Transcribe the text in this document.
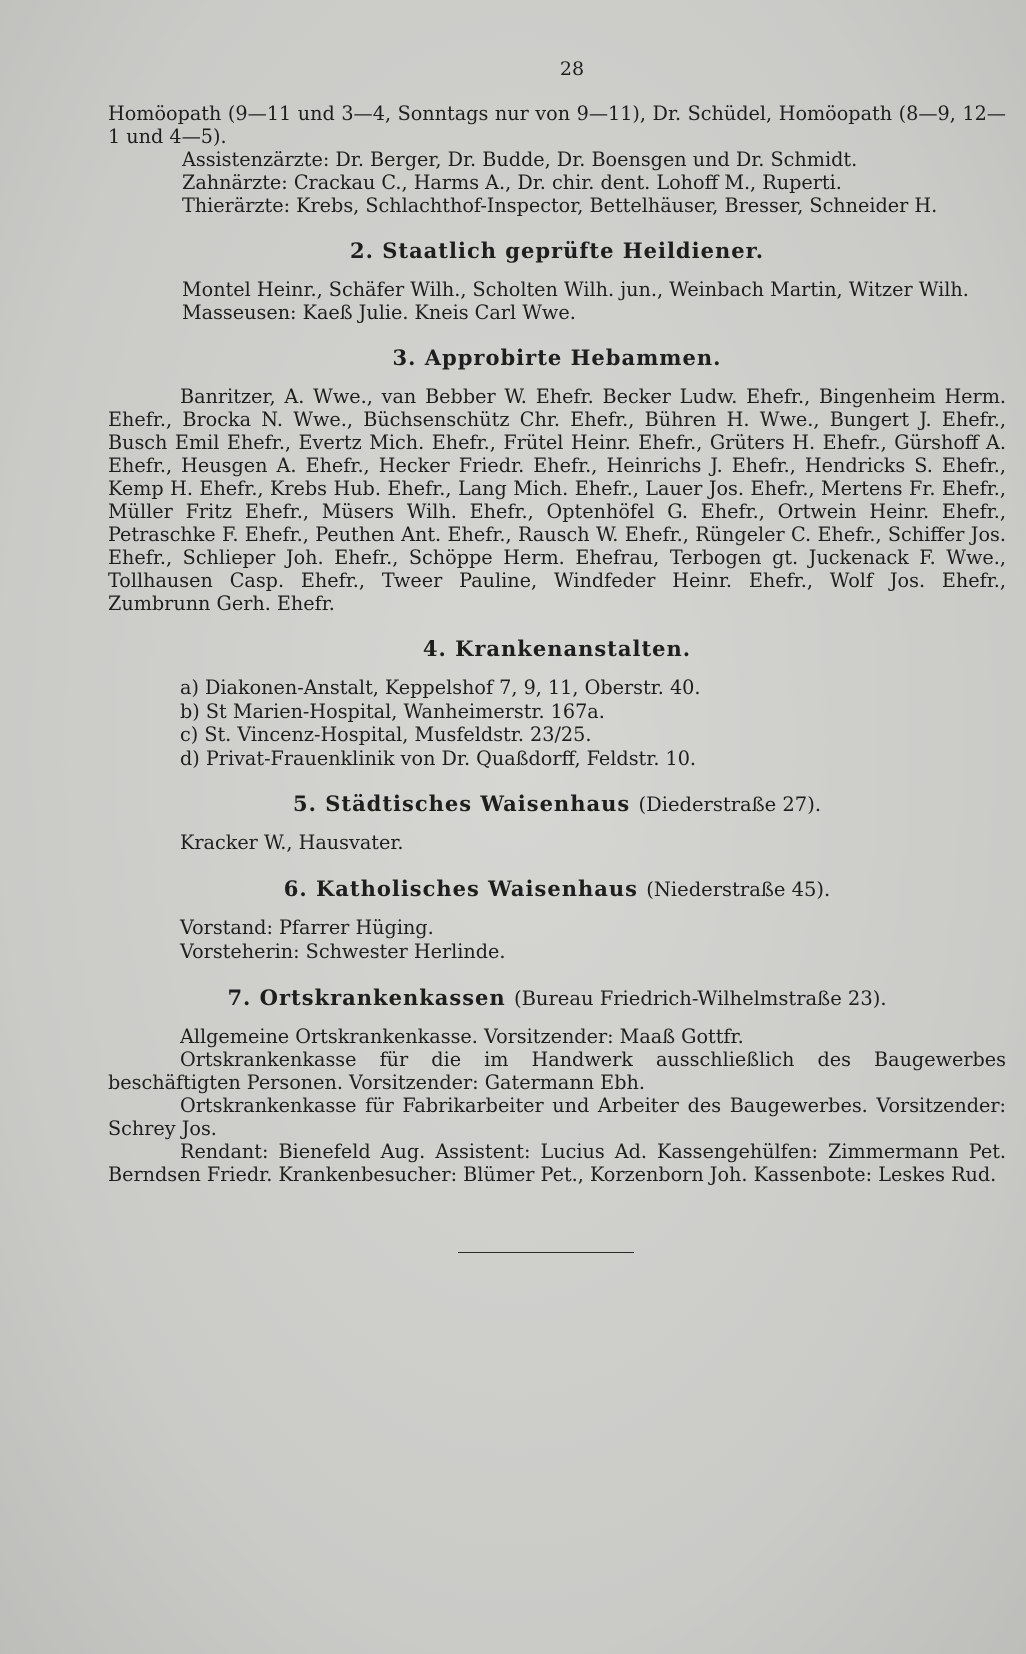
28

Homöopath (9—11 und 3—4, Sonntags nur von 9—11), Dr. Schüdel, Homöopath (8—9, 12—1 und 4—5).

Assistenzärzte: Dr. Berger, Dr. Budde, Dr. Boensgen und Dr. Schmidt.

Zahnärzte: Crackau C., Harms A., Dr. chir. dent. Lohoff M., Ruperti.

Thierärzte: Krebs, Schlachthof-Inspector, Bettelhäuser, Bresser, Schneider H.

2. Staatlich geprüfte Heildiener.

Montel Heinr., Schäfer Wilh., Scholten Wilh. jun., Weinbach Martin, Witzer Wilh.

Masseusen: Kaeß Julie. Kneis Carl Wwe.

3. Approbirte Hebammen.

Banritzer, A. Wwe., van Bebber W. Ehefr. Becker Ludw. Ehefr., Bingenheim Herm. Ehefr., Brocka N. Wwe., Büchsenschütz Chr. Ehefr., Bühren H. Wwe., Bungert J. Ehefr., Busch Emil Ehefr., Evertz Mich. Ehefr., Frütel Heinr. Ehefr., Grüters H. Ehefr., Gürshoff A. Ehefr., Heusgen A. Ehefr., Hecker Friedr. Ehefr., Heinrichs J. Ehefr., Hendricks S. Ehefr., Kemp H. Ehefr., Krebs Hub. Ehefr., Lang Mich. Ehefr., Lauer Jos. Ehefr., Mertens Fr. Ehefr., Müller Fritz Ehefr., Müsers Wilh. Ehefr., Optenhöfel G. Ehefr., Ortwein Heinr. Ehefr., Petraschke F. Ehefr., Peuthen Ant. Ehefr., Rausch W. Ehefr., Rüngeler C. Ehefr., Schiffer Jos. Ehefr., Schlieper Joh. Ehefr., Schöppe Herm. Ehefrau, Terbogen gt. Juckenack F. Wwe., Tollhausen Casp. Ehefr., Tweer Pauline, Windfeder Heinr. Ehefr., Wolf Jos. Ehefr., Zumbrunn Gerh. Ehefr.

4. Krankenanstalten.
a) Diakonen-Anstalt, Keppelshof 7, 9, 11, Oberstr. 40.
b) St Marien-Hospital, Wanheimerstr. 167a.
c) St. Vincenz-Hospital, Musfeldstr. 23/25.
d) Privat-Frauenklinik von Dr. Quaßdorff, Feldstr. 10.
5. Städtisches Waisenhaus (Diederstraße 27).
Kracker W., Hausvater.
6. Katholisches Waisenhaus (Niederstraße 45).
Vorstand: Pfarrer Hüging.
Vorsteherin: Schwester Herlinde.
7. Ortskrankenkassen (Bureau Friedrich-Wilhelmstraße 23).

Allgemeine Ortskrankenkasse. Vorsitzender: Maaß Gottfr.

Ortskrankenkasse für die im Handwerk ausschließlich des Baugewerbes beschäftigten Personen. Vorsitzender: Gatermann Ebh.

Ortskrankenkasse für Fabrikarbeiter und Arbeiter des Baugewerbes. Vorsitzender: Schrey Jos.

Rendant: Bienefeld Aug. Assistent: Lucius Ad. Kassengehülfen: Zimmermann Pet. Berndsen Friedr. Krankenbesucher: Blümer Pet., Korzenborn Joh. Kassenbote: Leskes Rud.
